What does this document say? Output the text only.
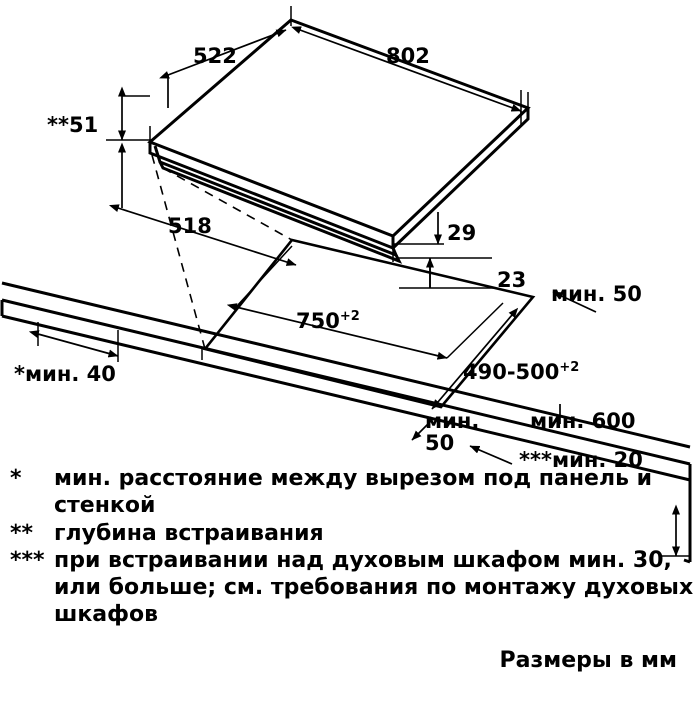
522	802
**51
518	29
23
мин. 50
$750^{+2}$
*мин. 40	$490-500^{+2}$
мин.
50
мин. 600
***мин. 20
*	мин. расстояние между вырезом под панель и стенкой
** глубина встраивания
*** при встраивании над духовым шкафом мин. 30, или больше; см. требования по монтажу духовых шкафов
Размеры в мм
